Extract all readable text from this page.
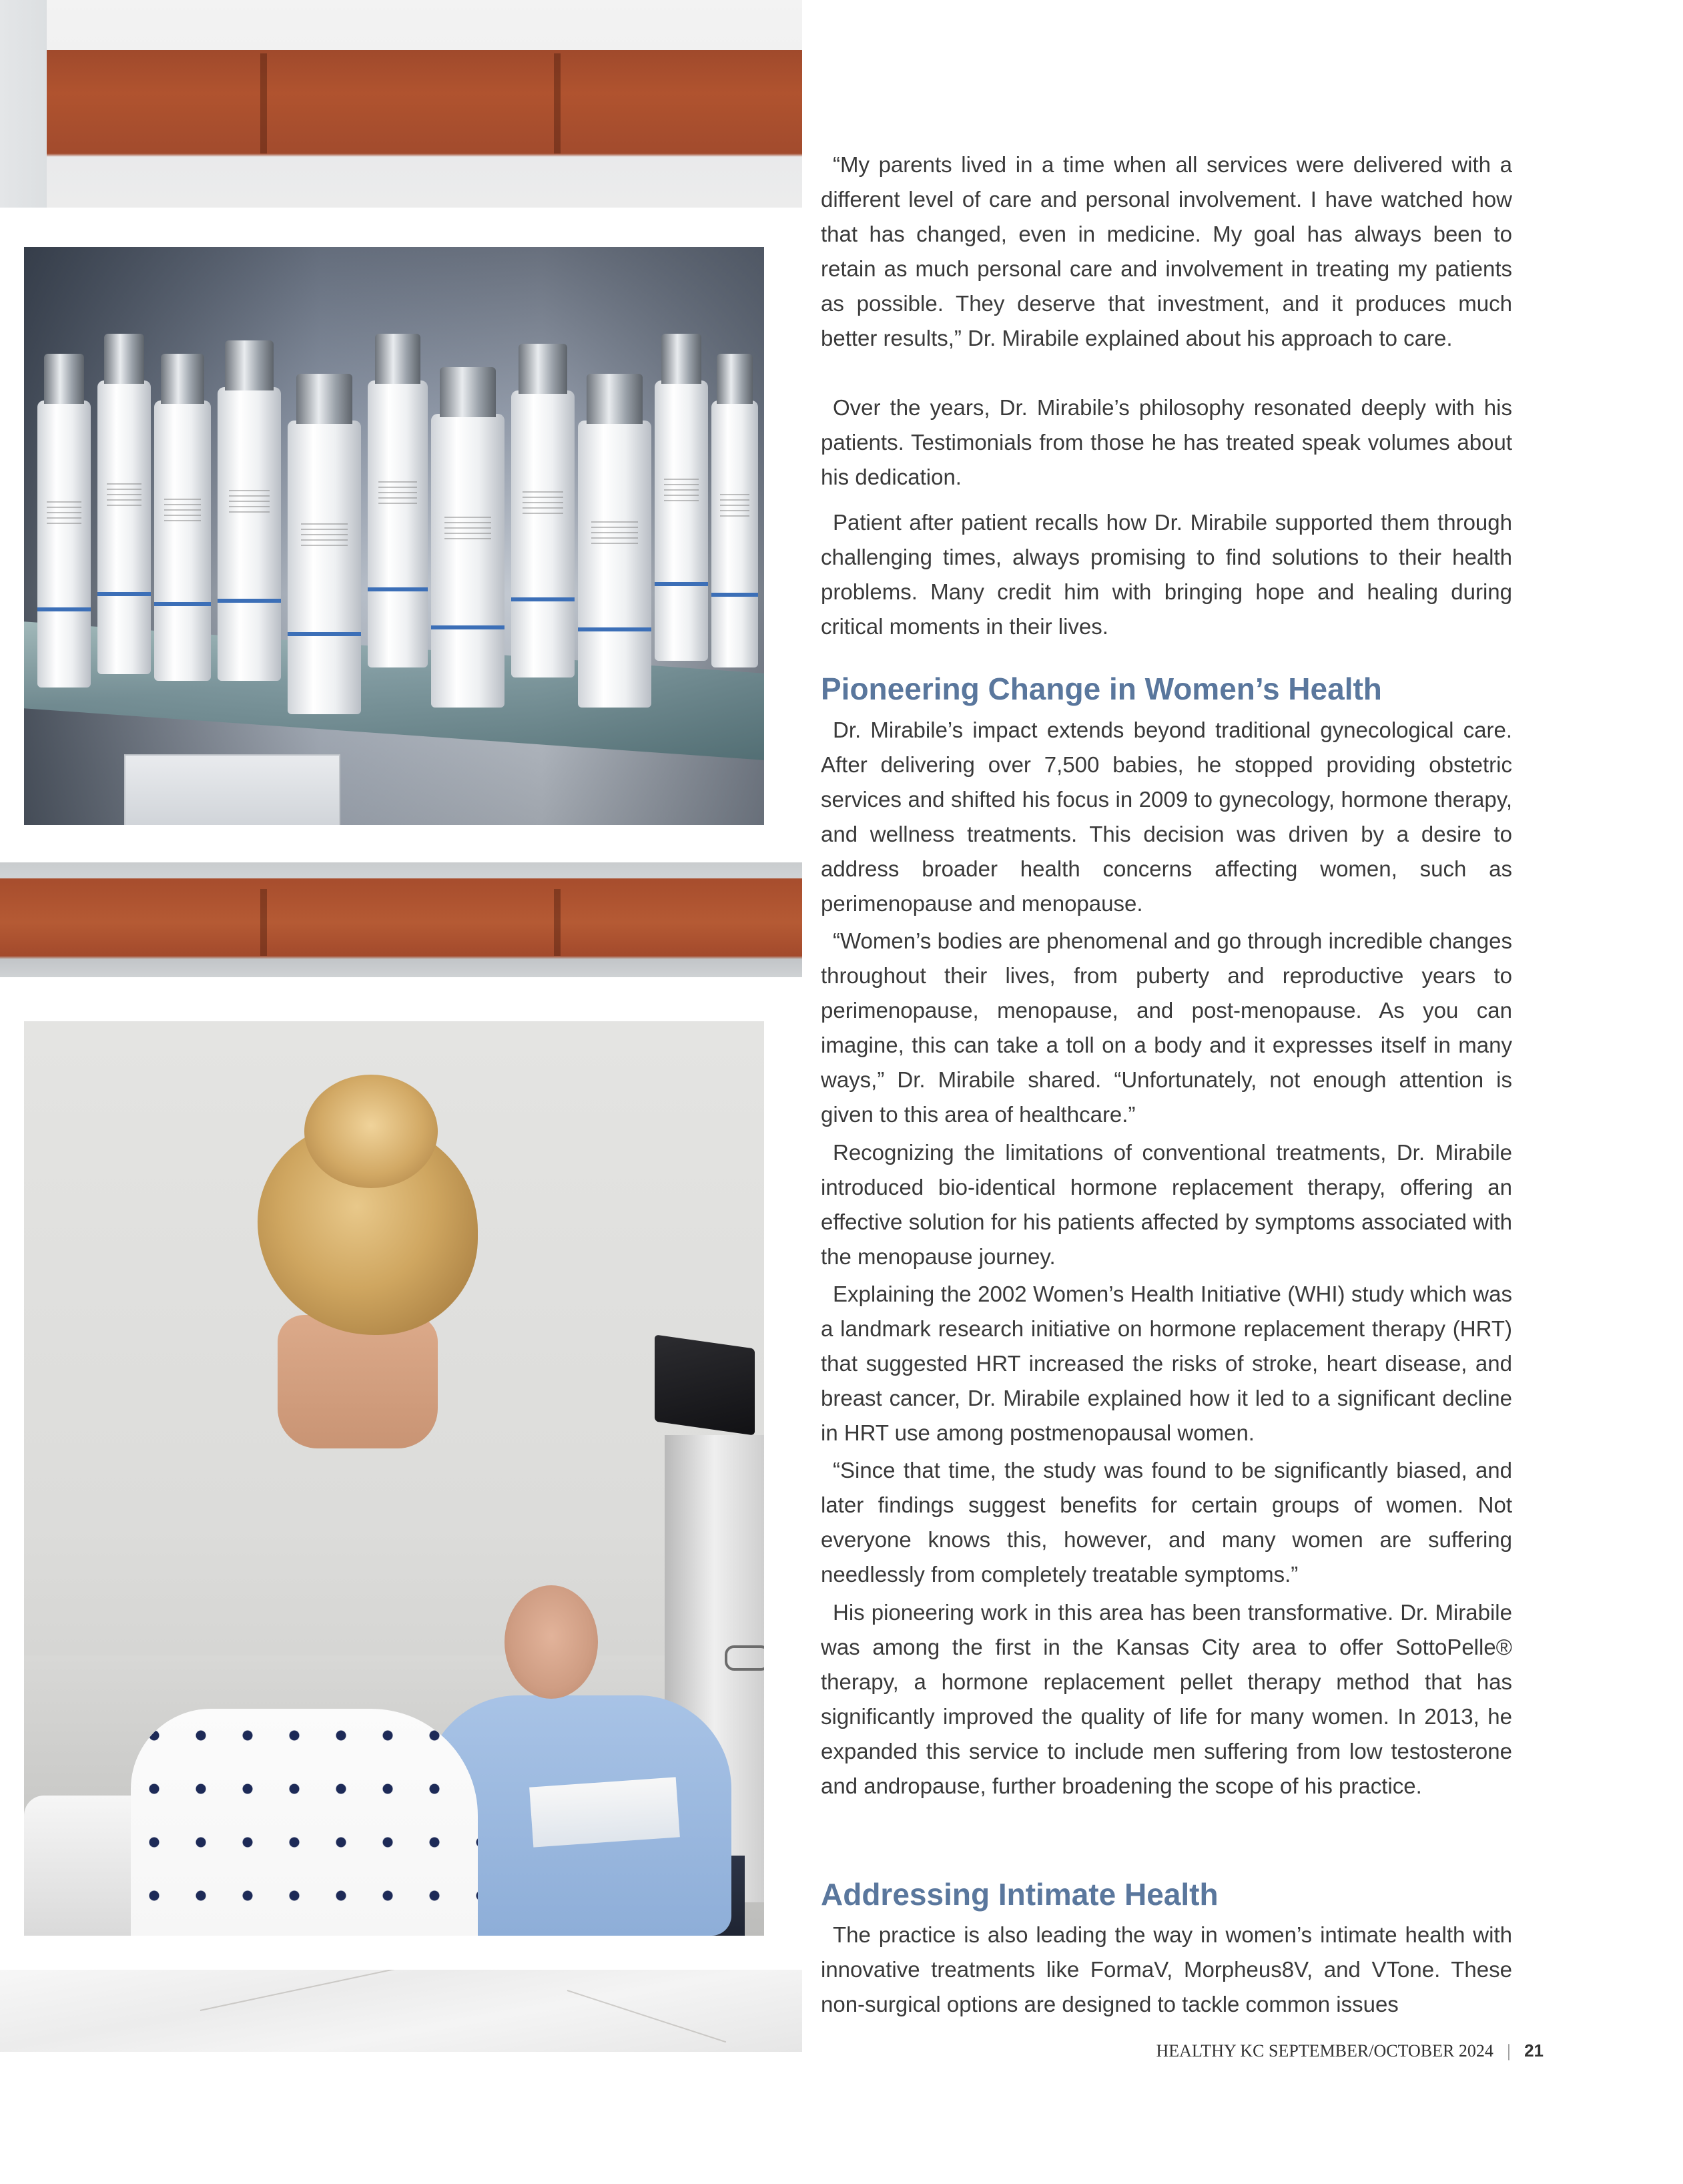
“My parents lived in a time when all services were delivered with a different level of care and personal involvement. I have watched how that has changed, even in medicine. My goal has always been to retain as much personal care and involvement in treating my patients as possible. They deserve that investment, and it produces much better results,” Dr. Mirabile explained about his approach to care.

Over the years, Dr. Mirabile’s philosophy resonated deeply with his patients. Testimonials from those he has treated speak volumes about his dedication.

Patient after patient recalls how Dr. Mirabile supported them through challenging times, always promising to find solutions to their health problems. Many credit him with bringing hope and healing during critical moments in their lives.

Pioneering Change in Women’s Health

Dr. Mirabile’s impact extends beyond traditional gynecological care. After delivering over 7,500 babies, he stopped providing obstetric services and shifted his focus in 2009 to gynecology, hormone therapy, and wellness treatments. This decision was driven by a desire to address broader health concerns affecting women, such as perimenopause and menopause.

“Women’s bodies are phenomenal and go through incredible changes throughout their lives, from puberty and reproductive years to perimenopause, menopause, and post-menopause. As you can imagine, this can take a toll on a body and it expresses itself in many ways,” Dr. Mirabile shared. “Unfortunately, not enough attention is given to this area of healthcare.”

Recognizing the limitations of conventional treatments, Dr. Mirabile introduced bio-identical hormone replacement therapy, offering an effective solution for his patients affected by symptoms associated with the menopause journey.

Explaining the 2002 Women’s Health Initiative (WHI) study which was a landmark research initiative on hormone replacement therapy (HRT) that suggested HRT increased the risks of stroke, heart disease, and breast cancer, Dr. Mirabile explained how it led to a significant decline in HRT use among postmenopausal women.

“Since that time, the study was found to be significantly biased, and later findings suggest benefits for certain groups of women. Not everyone knows this, however, and many women are suffering needlessly from completely treatable symptoms.”

His pioneering work in this area has been transformative. Dr. Mirabile was among the first in the Kansas City area to offer SottoPelle® therapy, a hormone replacement pellet therapy method that has significantly improved the quality of life for many women. In 2013, he expanded this service to include men suffering from low testosterone and andropause, further broadening the scope of his practice.

Addressing Intimate Health

The practice is also leading the way in women’s intimate health with innovative treatments like FormaV, Morpheus8V, and VTone. These non-surgical options are designed to tackle common issues

HEALTHY KC SEPTEMBER/OCTOBER 2024 | 21
